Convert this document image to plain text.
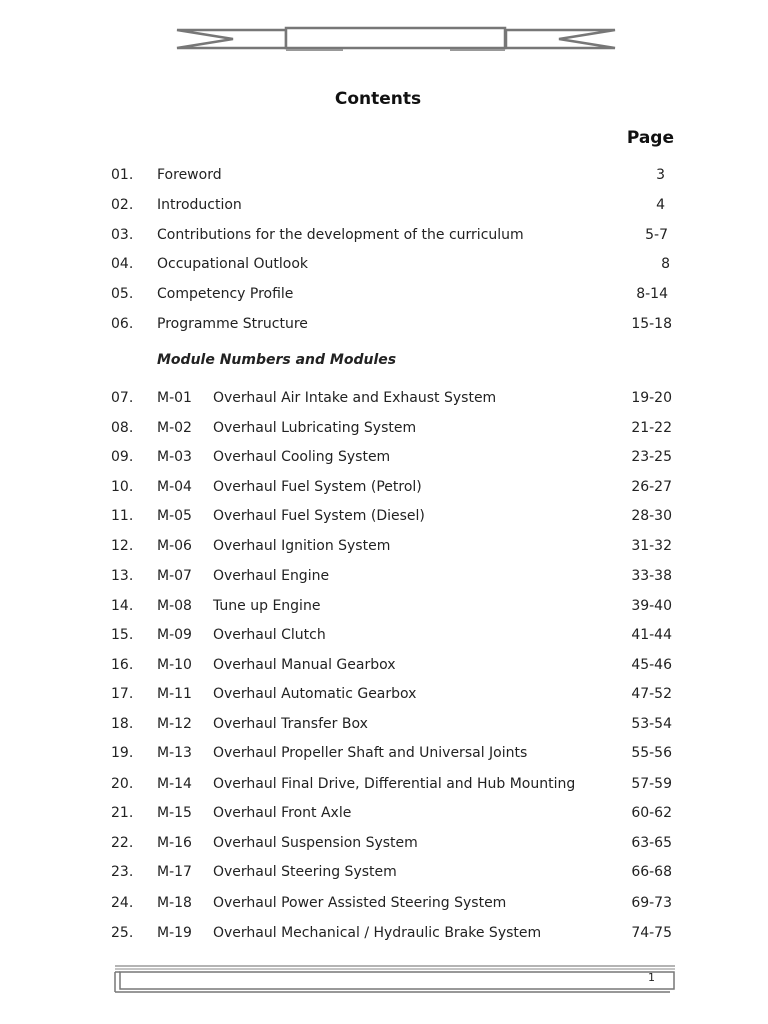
Contents
Page
01. Foreword	3
02. Introduction	4
03. Contributions for the development of the curriculum	5-7
04. Occupational Outlook	8
05. Competency Profile	8-14
06. Programme Structure	15-18
Module Numbers and Modules
07. M-01 Overhaul Air Intake and Exhaust System	19-20
08. M-02 Overhaul Lubricating System	21-22
09. M-03 Overhaul Cooling System	23-25
10. M-04 Overhaul Fuel System (Petrol)	26-27
11. M-05 Overhaul Fuel System (Diesel)	28-30
12. M-06 Overhaul Ignition System	31-32
13. M-07 Overhaul Engine	33-38
14. M-08 Tune up Engine	39-40
15. M-09 Overhaul Clutch	41-44
16. M-10 Overhaul Manual Gearbox	45-46
17. M-11 Overhaul Automatic Gearbox	47-52
18. M-12 Overhaul Transfer Box	53-54
19. M-13 Overhaul Propeller Shaft and Universal Joints	55-56
20. M-14 Overhaul Final Drive, Differential and Hub Mounting	57-59
21. M-15 Overhaul Front Axle	60-62
22. M-16 Overhaul Suspension System	63-65
23. M-17 Overhaul Steering System	66-68
24. M-18 Overhaul Power Assisted Steering System	69-73
25. M-19 Overhaul Mechanical / Hydraulic Brake System	74-75
1
